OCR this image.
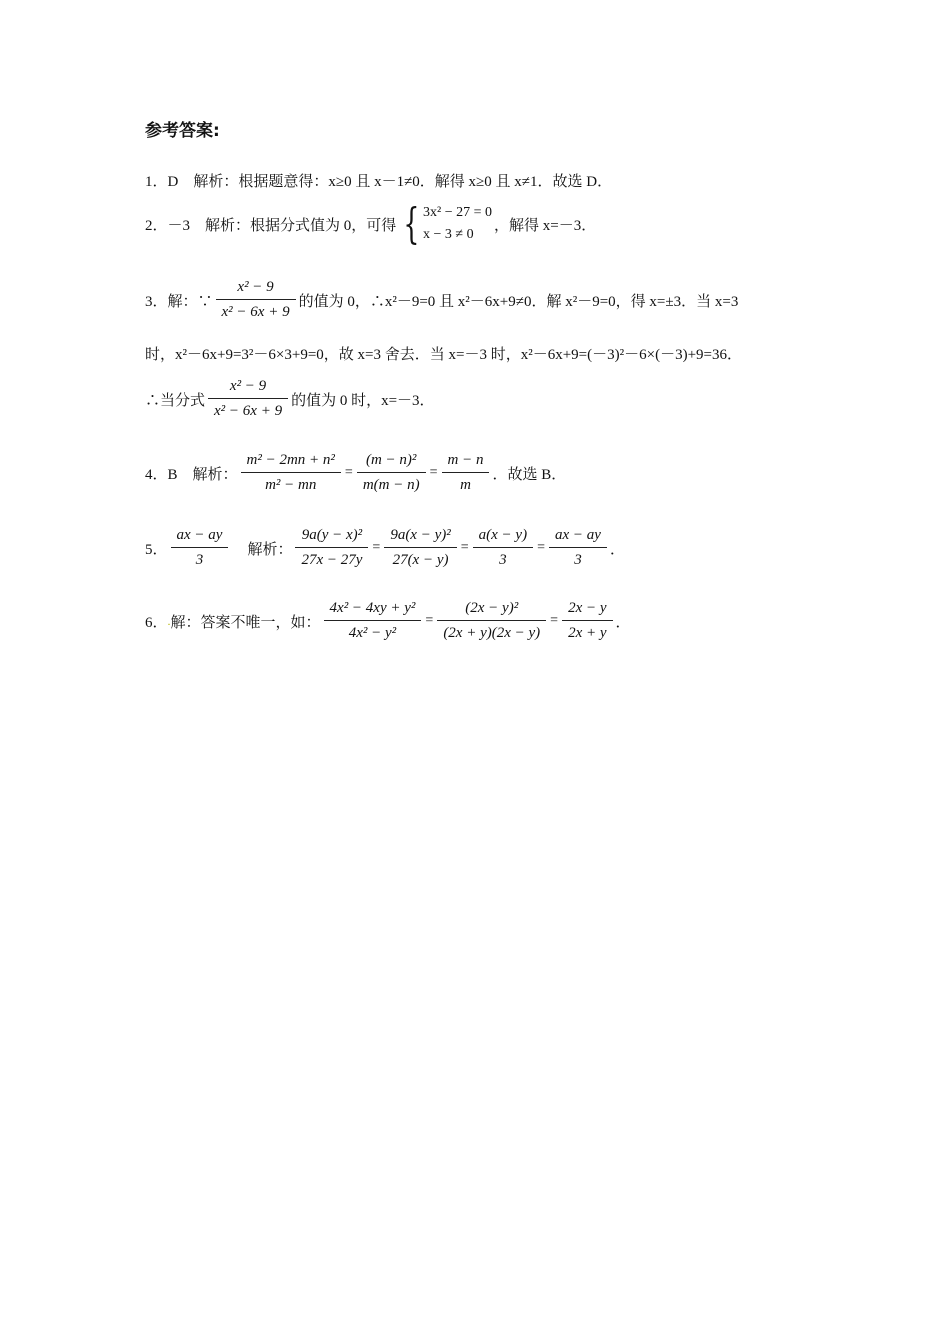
参考答案:
1．D　解析：根据题意得：x≥0 且 x－1≠0．解得 x≥0 且 x≠1．故选 D．
2．－3　解析：根据分式值为 0，可得 { 3x² − 27 = 0
x − 3 ≠ 0
，解得 x=－3．
3．解：∵ $\frac{\text{x² − 9}}{\text{x² − 6x + 9}}$ 的值为 0，∴x²－9=0 且 x²－6x+9≠0．解 x²－9=0，得 x=±3．当 x=3
时，x²－6x+9=3²－6×3+9=0，故 x=3 舍去．当 x=－3 时，x²－6x+9=(－3)²－6×(－3)+9=36．
∴当分式 $\frac{\text{x² − 9}}{\text{x² − 6x + 9}}$ 的值为 0 时，x=－3．
4．B　解析： $\frac{\text{m² − 2mn + n²}}{\text{m² − mn}} = \frac{\text{(m − n)²}}{m(m - n)} = \frac{m - n}{m}$ ．故选 B．
5． $\frac{ax - ay}{3}$ 解析： $\frac{\text{9a(y − x)²}}{27x - 27y} = \frac{\text{9a(x − y)²}}{27(x - y)} = \frac{a(x - y)}{3} = \frac{ax - ay}{3}$ ．
6． . 解：答案不唯一，如： $\frac{\text{4x² − 4xy + y²}}{\text{4x² − y²}} = \frac{\text{(2x − y)²}}{(2x + y)(2x - y)} = \frac{2x - y}{2x + y}$ ．
